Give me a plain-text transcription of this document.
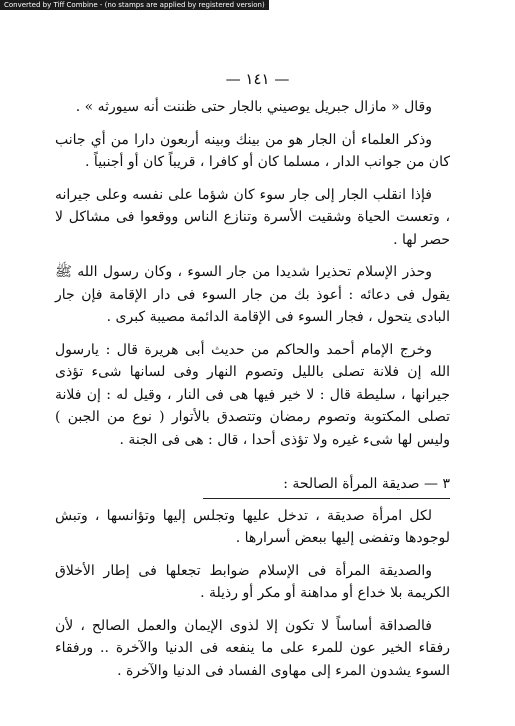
Converted by Tiff Combine - (no stamps are applied by registered version)
— ١٤١ —

وقال « مازال جبريل يوصيني بالجار حتى ظننت أنه سيورثه » .

وذكر العلماء أن الجار هو من بينك وبينه أربعون دارا من أي جانب كان من جوانب الدار ، مسلما كان أو كافرا ، قريباً كان أو أجنبياً .

فإذا انقلب الجار إلى جار سوء كان شؤما على نفسه وعلى جيرانه ، وتعست الحياة وشقيت الأسرة وتنازع الناس ووقعوا فى مشاكل لا حصر لها .

وحذر الإسلام تحذيرا شديدا من جار السوء ، وكان رسول الله ﷺ يقول فى دعائه : أعوذ بك من جار السوء فى دار الإقامة فإن جار البادى يتحول ، فجار السوء فى الإقامة الدائمة مصيبة كبرى .

وخرج الإمام أحمد والحاكم من حديث أبى هريرة قال : يارسول الله إن فلانة تصلى بالليل وتصوم النهار وفى لسانها شىء تؤذى جيرانها ، سليطة قال : لا خير فيها هى فى النار ، وقيل له : إن فلانة تصلى المكتوبة وتصوم رمضان وتتصدق بالأتوار ( نوع من الجبن ) وليس لها شىء غيره ولا تؤذى أحدا ، قال : هى فى الجنة .

٣ — صديقة المرأة الصالحة :

لكل امرأة صديقة ، تدخل عليها وتجلس إليها وتؤانسها ، وتبش لوجودها وتفضى إليها ببعض أسرارها .

والصديقة المرأة فى الإسلام ضوابط تجعلها فى إطار الأخلاق الكريمة بلا خداع أو مداهنة أو مكر أو رذيلة .

فالصداقة أساساً لا تكون إلا لذوى الإيمان والعمل الصالح ، لأن رفقاء الخير عون للمرء على ما ينفعه فى الدنيا والآخرة .. ورفقاء السوء يشدون المرء إلى مهاوى الفساد فى الدنيا والآخرة .
